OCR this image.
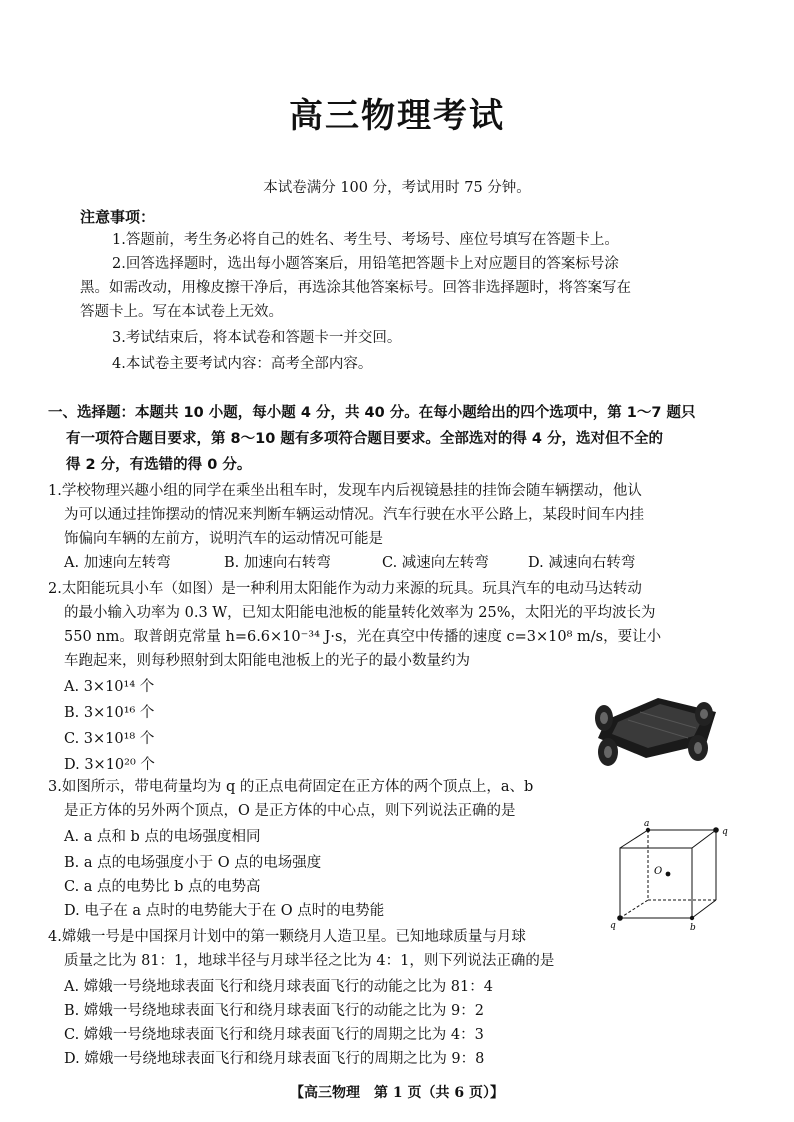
高三物理考试
本试卷满分 100 分，考试用时 75 分钟。
注意事项：
1.答题前，考生务必将自己的姓名、考生号、考场号、座位号填写在答题卡上。
2.回答选择题时，选出每小题答案后，用铅笔把答题卡上对应题目的答案标号涂
黑。如需改动，用橡皮擦干净后，再选涂其他答案标号。回答非选择题时，将答案写在
答题卡上。写在本试卷上无效。
3.考试结束后，将本试卷和答题卡一并交回。
4.本试卷主要考试内容：高考全部内容。
一、选择题：本题共 10 小题，每小题 4 分，共 40 分。在每小题给出的四个选项中，第 1～7 题只
有一项符合题目要求，第 8～10 题有多项符合题目要求。全部选对的得 4 分，选对但不全的
得 2 分，有选错的得 0 分。
1.学校物理兴趣小组的同学在乘坐出租车时，发现车内后视镜悬挂的挂饰会随车辆摆动，他认
为可以通过挂饰摆动的情况来判断车辆运动情况。汽车行驶在水平公路上，某段时间车内挂
饰偏向车辆的左前方，说明汽车的运动情况可能是
A. 加速向左转弯	B. 加速向右转弯	C. 减速向左转弯	D. 减速向右转弯
2.太阳能玩具小车（如图）是一种利用太阳能作为动力来源的玩具。玩具汽车的电动马达转动
的最小输入功率为 0.3 W，已知太阳能电池板的能量转化效率为 25%，太阳光的平均波长为
550 nm。取普朗克常量 h=6.6×10⁻³⁴ J·s，光在真空中传播的速度 c=3×10⁸ m/s，要让小
车跑起来，则每秒照射到太阳能电池板上的光子的最小数量约为
A. 3×10¹⁴ 个
B. 3×10¹⁶ 个
C. 3×10¹⁸ 个
D. 3×10²⁰ 个
3.如图所示，带电荷量均为 q 的正点电荷固定在正方体的两个顶点上，a、b
是正方体的另外两个顶点，O 是正方体的中心点，则下列说法正确的是
A. a 点和 b 点的电场强度相同
B. a 点的电场强度小于 O 点的电场强度
C. a 点的电势比 b 点的电势高
D. 电子在 a 点时的电势能大于在 O 点时的电势能
a
q
q	b
O
4.嫦娥一号是中国探月计划中的第一颗绕月人造卫星。已知地球质量与月球
质量之比为 81：1，地球半径与月球半径之比为 4：1，则下列说法正确的是
A. 嫦娥一号绕地球表面飞行和绕月球表面飞行的动能之比为 81：4
B. 嫦娥一号绕地球表面飞行和绕月球表面飞行的动能之比为 9：2
C. 嫦娥一号绕地球表面飞行和绕月球表面飞行的周期之比为 4：3
D. 嫦娥一号绕地球表面飞行和绕月球表面飞行的周期之比为 9：8
【高三物理　第 1 页（共 6 页）】
